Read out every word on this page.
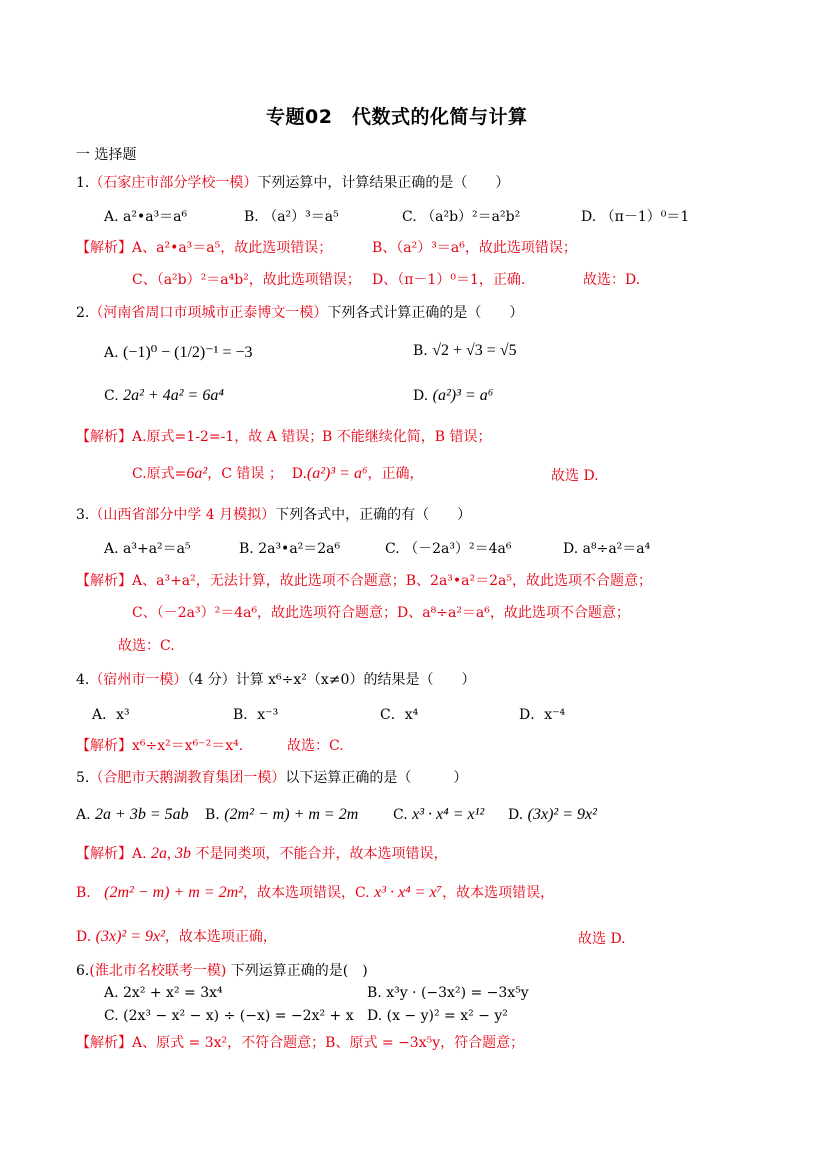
专题02　代数式的化简与计算
一 选择题
1.（石家庄市部分学校一模）下列运算中，计算结果正确的是（　　）
A. a²•a³＝a⁶	B. （a²）³＝a⁵	C. （a²b）²＝a²b²	D. （π－1）⁰＝1
【解析】A、a²•a³＝a⁵，故此选项错误；	B、（a²）³＝a⁶，故此选项错误；
C、（a²b）²＝a⁴b²，故此选项错误； D、（π－1）⁰＝1，正确.	故选：D.
2.（河南省周口市项城市正泰博文一模）下列各式计算正确的是（　　）
A. (−1)⁰ − (1/2)⁻¹ = −3	B. √2 + √3 = √5
C. 2a² + 4a² = 6a⁴	D. (a²)³ = a⁶
【解析】A.原式=1-2=-1，故 A 错误；
B 不能继续化简，B 错误；
C.原式=6a²，C 错误 ； D.(a²)³ = a⁶，正确，	故选 D.
3.（山西省部分中学 4 月模拟）下列各式中，正确的有（　　）
A. a³+a²＝a⁵	B. 2a³•a²＝2a⁶	C. （－2a³）²＝4a⁶	D. a⁸÷a²＝a⁴
【解析】A、a³+a²，无法计算，故此选项不合题意；B、2a³•a²＝2a⁵，故此选项不合题意；
C、（－2a³）²＝4a⁶，故此选项符合题意；D、a⁸÷a²＝a⁶，故此选项不合题意；
故选：C.
4.（宿州市一模）（4 分）计算 x⁶÷x²（x≠0）的结果是（　　）
A．x³	B．x⁻³	C．x⁴	D．x⁻⁴
【解析】x⁶÷x²＝x⁶⁻²＝x⁴.	故选：C.
5.（合肥市天鹅湖教育集团一模）以下运算正确的是（　　　）
A. 2a + 3b = 5ab B. (2m² − m) + m = 2m C. x³ · x⁴ = x¹² D. (3x)² = 9x²
【解析】A. 2a, 3b 不是同类项，不能合并，故本选项错误，
B. (2m² − m) + m = 2m²，故本选项错误，C. x³ · x⁴ = x⁷，故本选项错误，
D. (3x)² = 9x²，故本选项正确，	故选 D.
6.(淮北市名校联考一模) 下列运算正确的是(　)
A. 2x² + x² = 3x⁴	B. x³y · (−3x²) = −3x⁵y
C. (2x³ − x² − x) ÷ (−x) = −2x² + x D. (x − y)² = x² − y²
【解析】A、原式 = 3x²，不符合题意；B、原式 = −3x⁵y，符合题意；
